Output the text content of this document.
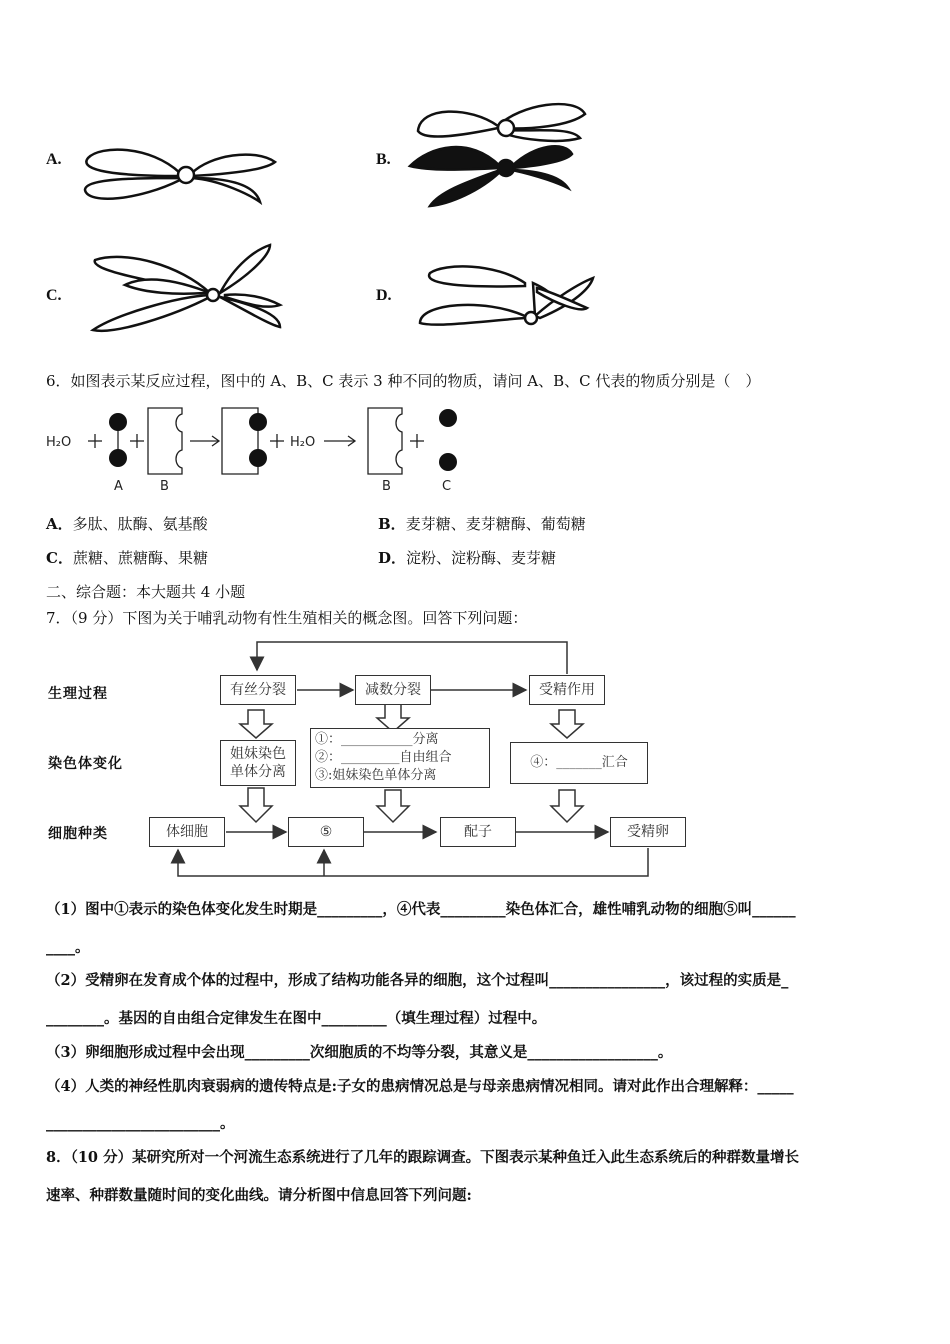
A.	B.
C.	D.
6．如图表示某反应过程，图中的 A、B、C 表示 3 种不同的物质，请问 A、B、C 代表的物质分别是（　）
H₂O	H₂O
A	B	B	C
A．多肽、肽酶、氨基酸	B．麦芽糖、麦芽糖酶、葡萄糖
C．蔗糖、蔗糖酶、果糖	D．淀粉、淀粉酶、麦芽糖
二、综合题：本大题共 4 小题
7．（9 分）下图为关于哺乳动物有性生殖相关的概念图。回答下列问题：
生理过程
染色体变化
细胞种类
有丝分裂	减数分裂	受精作用
姐妹染色
单体分离
①：___________分离
②：_________自由组合
③:姐妹染色单体分离
④：_______汇合
体细胞	⑤	配子	受精卵
（1）图中①表示的染色体变化发生时期是_________，④代表_________染色体汇合，雄性哺乳动物的细胞⑤叫______
____。
（2）受精卵在发育成个体的过程中，形成了结构功能各异的细胞，这个过程叫________________，该过程的实质是_
________。基因的自由组合定律发生在图中_________（填生理过程）过程中。
（3）卵细胞形成过程中会出现_________次细胞质的不均等分裂，其意义是__________________。
（4）人类的神经性肌肉衰弱病的遗传特点是:子女的患病情况总是与母亲患病情况相同。请对此作出合理解释：_____
________________________。
8．（10 分）某研究所对一个河流生态系统进行了几年的跟踪调查。下图表示某种鱼迁入此生态系统后的种群数量增长
速率、种群数量随时间的变化曲线。请分析图中信息回答下列问题:
